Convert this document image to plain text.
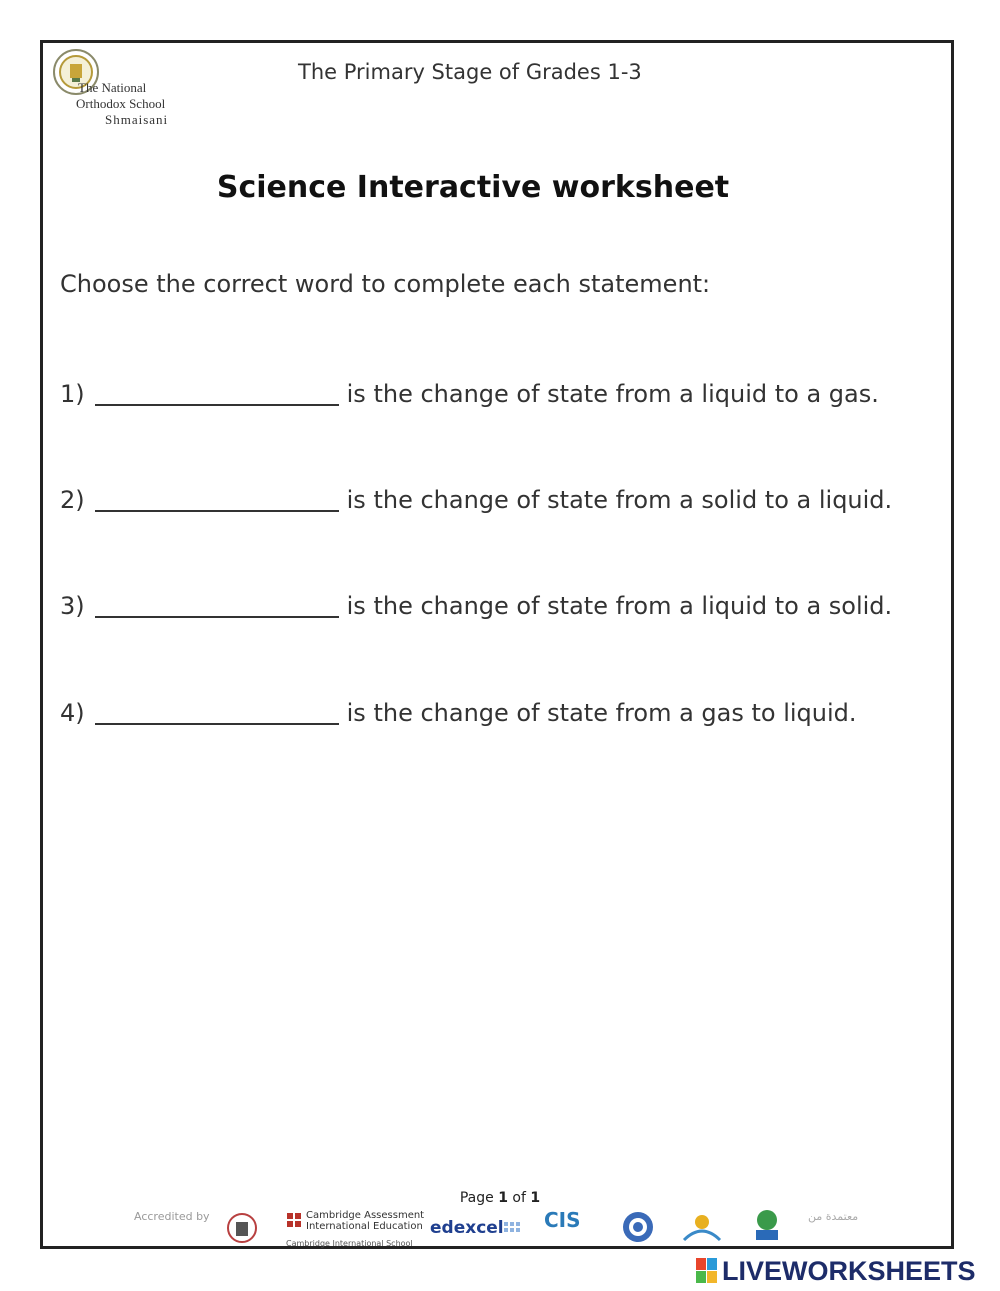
The National
Orthodox School
Shmaisani
The Primary Stage of Grades 1-3
Science Interactive worksheet
Choose the correct word to complete each statement:
1)	is the change of state from a liquid to a gas.
2)	is the change of state from a solid to a liquid.
3)	is the change of state from a liquid to a solid.
4)	is the change of state from a gas to liquid.
Page 1 of 1
Accredited by	Cambridge Assessment
International Education
Cambridge International School
edexcel CIS	معتمدة من
LIVEWORKSHEETS
